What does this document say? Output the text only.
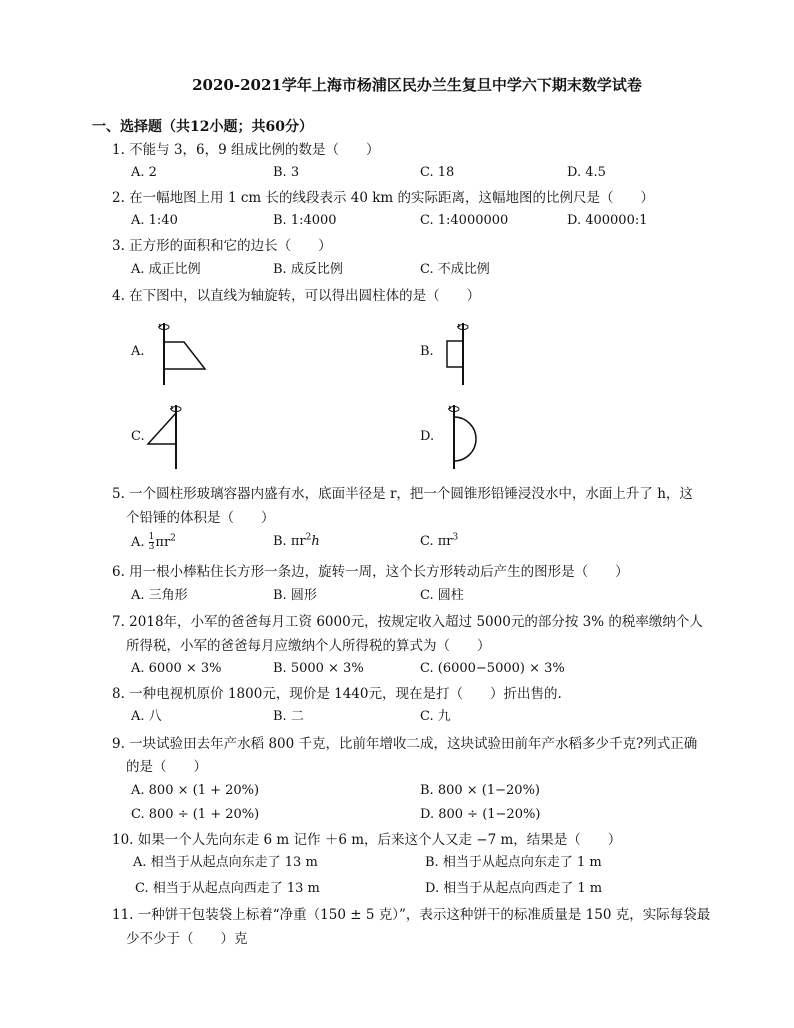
2020-2021学年上海市杨浦区民办兰生复旦中学六下期末数学试卷
一、选择题（共12小题；共60分）
1. 不能与 3，6，9 组成比例的数是（　　）
A. 2	B. 3	C. 18	D. 4.5
2. 在一幅地图上用 1 cm 长的线段表示 40 km 的实际距离，这幅地图的比例尺是（　　）
A. 1:40	B. 1:4000	C. 1:4000000	D. 400000:1
3. 正方形的面积和它的边长（　　）
A. 成正比例	B. 成反比例	C. 不成比例
4. 在下图中，以直线为轴旋转，可以得出圆柱体的是（　　）
A.	B.
C.	D.
5. 一个圆柱形玻璃容器内盛有水，底面半径是 r，把一个圆锥形铅锤浸没水中，水面上升了 h，这
个铅锤的体积是（　　）
A. $\frac{1}{3} \pi r^2$	B. $\pi r^2h$	C. $\pi r^3$
6. 用一根小棒粘住长方形一条边，旋转一周，这个长方形转动后产生的图形是（　　）
A. 三角形	B. 圆形	C. 圆柱
7. 2018年，小军的爸爸每月工资 6000元，按规定收入超过 5000元的部分按 3% 的税率缴纳个人
所得税，小军的爸爸每月应缴纳个人所得税的算式为（　　）
A. 6000 × 3%	B. 5000 × 3%	C. (6000−5000) × 3%
8. 一种电视机原价 1800元，现价是 1440元，现在是打（　　）折出售的.
A. 八	B. 二	C. 九
9. 一块试验田去年产水稻 800 千克，比前年增收二成，这块试验田前年产水稻多少千克?列式正确
的是（　　）
A. 800 × (1 + 20%)	B. 800 × (1−20%)
C. 800 ÷ (1 + 20%)	D. 800 ÷ (1−20%)
10. 如果一个人先向东走 6 m 记作 ＋6 m，后来这个人又走 −7 m，结果是（　　）
A. 相当于从起点向东走了 13 m	B. 相当于从起点向东走了 1 m
C. 相当于从起点向西走了 13 m	D. 相当于从起点向西走了 1 m
11. 一种饼干包装袋上标着“净重（150 ± 5 克）”，表示这种饼干的标准质量是 150 克，实际每袋最
少不少于（　　）克
